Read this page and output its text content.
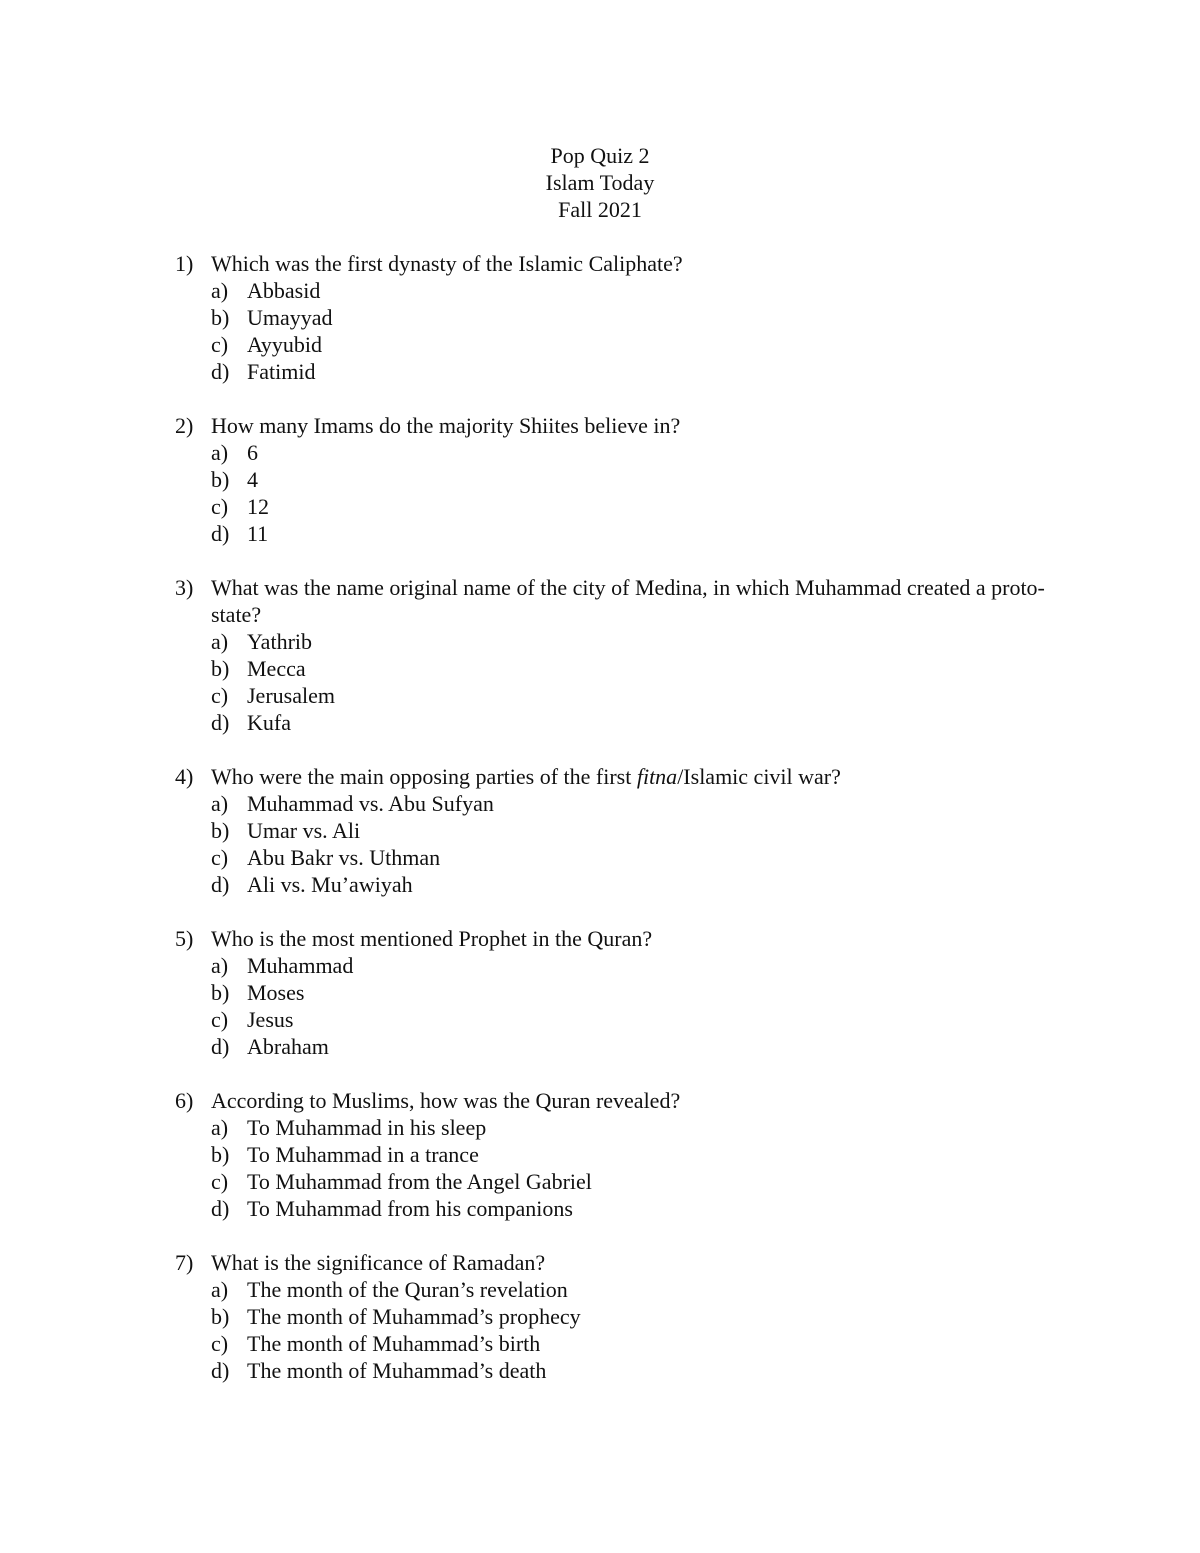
Pop Quiz 2
Islam Today
Fall 2021
1) Which was the first dynasty of the Islamic Caliphate?
a) Abbasid
b) Umayyad
c) Ayyubid
d) Fatimid
2) How many Imams do the majority Shiites believe in?
a) 6
b) 4
c) 12
d) 11
3) What was the name original name of the city of Medina, in which Muhammad created a proto-state?
a) Yathrib
b) Mecca
c) Jerusalem
d) Kufa
4) Who were the main opposing parties of the first fitna/Islamic civil war?
a) Muhammad vs. Abu Sufyan
b) Umar vs. Ali
c) Abu Bakr vs. Uthman
d) Ali vs. Mu’awiyah
5) Who is the most mentioned Prophet in the Quran?
a) Muhammad
b) Moses
c) Jesus
d) Abraham
6) According to Muslims, how was the Quran revealed?
a) To Muhammad in his sleep
b) To Muhammad in a trance
c) To Muhammad from the Angel Gabriel
d) To Muhammad from his companions
7) What is the significance of Ramadan?
a) The month of the Quran’s revelation
b) The month of Muhammad’s prophecy
c) The month of Muhammad’s birth
d) The month of Muhammad’s death
